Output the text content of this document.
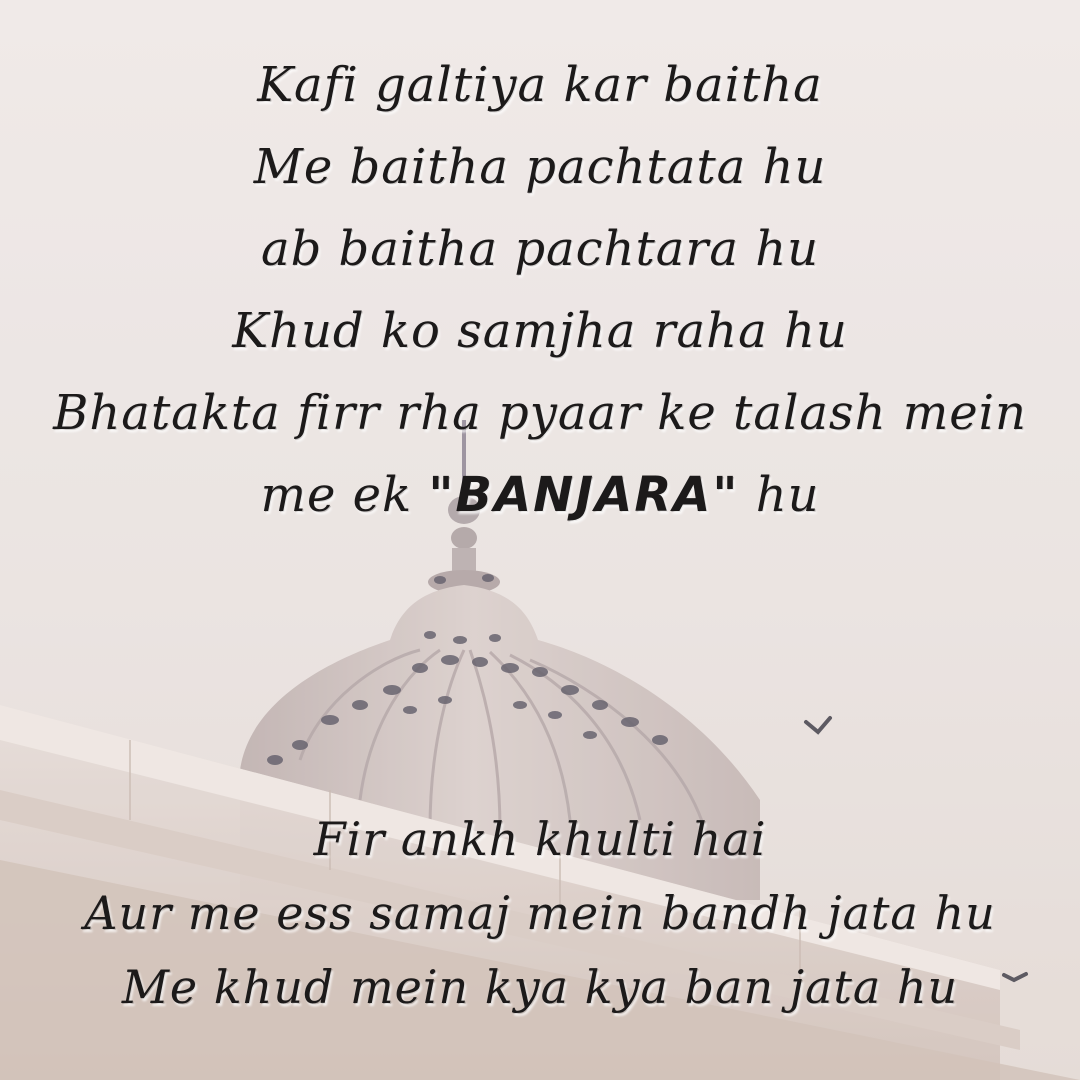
Kafi galtiya kar baitha
Me baitha pachtata hu
ab baitha pachtara hu
Khud ko samjha raha hu
Bhatakta firr rha pyaar ke talash mein
me ek "BANJARA" hu
Fir ankh khulti hai
Aur me ess samaj mein bandh jata hu
Me khud mein kya kya ban jata hu
